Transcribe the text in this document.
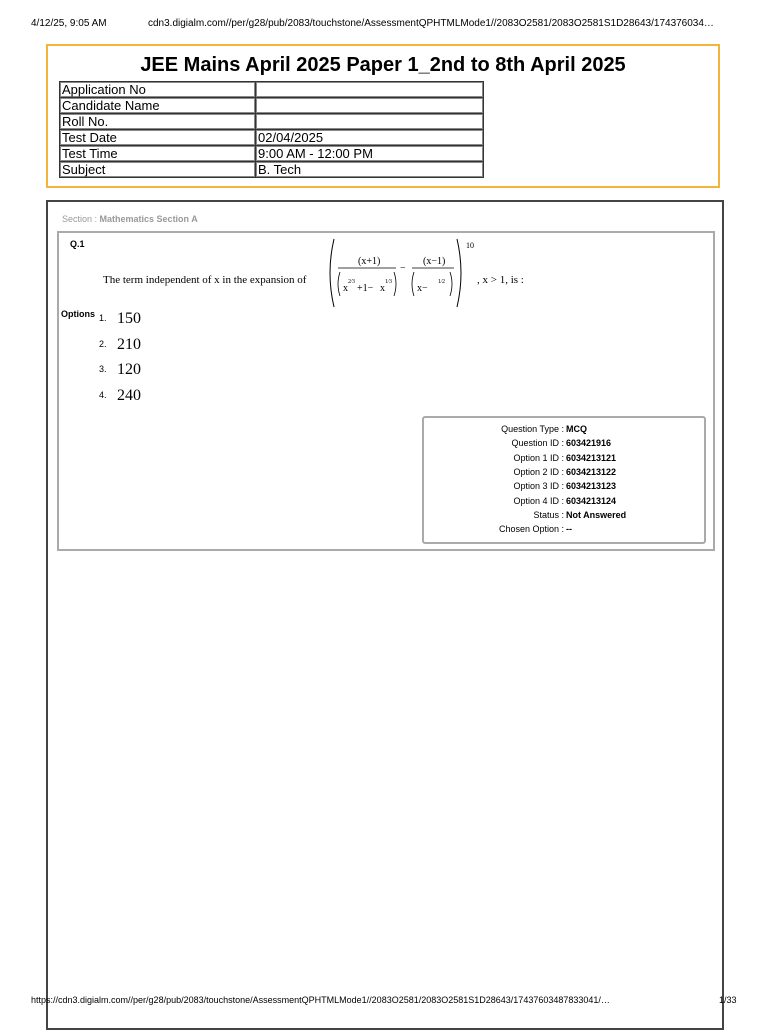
4/12/25, 9:05 AM	cdn3.digialm.com//per/g28/pub/2083/touchstone/AssessmentQPHTMLMode1//2083O2581/2083O2581S1D28643/174376034…
JEE Mains April 2025 Paper 1_2nd to 8th April 2025
Application No	
Candidate Name	
Roll No.	
Test Date	02/04/2025
Test Time	9:00 AM - 12:00 PM
Subject	B. Tech
Section : Mathematics Section A
Q.1
The term independent of x in the expansion of
10
(x+1)
x
2⁄3
+1− x
1⁄3
−
(x−1)
x−
1⁄2	, x > 1, is :
Options 1. 150
2. 210
3. 120
4. 240
Question Type : MCQ
Question ID : 603421916
Option 1 ID : 6034213121
Option 2 ID : 6034213122
Option 3 ID : 6034213123
Option 4 ID : 6034213124
Status : Not Answered
Chosen Option : --
https://cdn3.digialm.com//per/g28/pub/2083/touchstone/AssessmentQPHTMLMode1//2083O2581/2083O2581S1D28643/17437603487833041/…	1/33
